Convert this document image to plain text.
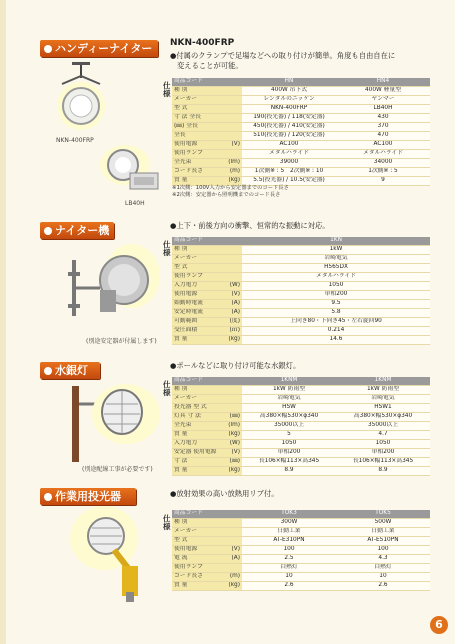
ハンディーナイター
NKN-400FRP
LB40H
NKN-400FRP
●付属のクランプで足場などへの取り付けが簡単。角度も自由自在に
変えることが可能。
仕様
商品コード		HN	HN4
種 別		400W 吊下式	400W 軽量型
メーカー		レンタルのニッケン	ヤンマー
型 式		NKN-400FRP	LB40H
寸 法 全長		190(投光器) / 118(安定器)	430
(㎜) 全長		450(投光器) / 410(安定器)	370
全長		510(投光器) / 120(安定器)	470
使用電源	(V)	AC100	AC100
使用ランプ		メタルハライド	メタルハライド
全光束	(lm)	39000	34000
コード長さ	(m)	1次側※ : 5　2次側※ : 10	1次側※ : 5
質 量	(kg)	5.5(投光器) / 10.5(安定器)	9
※1次側：100V入力から安定器までのコード長さ
※2次側：安定器から照明機までのコード長さ
ナイター機
(別途安定器が付属します)
●上下・前後方向の衝撃、恒常的な振動に対応。
仕様
商品コード		1KN
種 別		1kW
メーカー		岩崎電気
型 式		H565DX
使用ランプ		メタルハライド
入力電力	(W)	1050
使用電源	(V)	単相200
始動時電流	(A)	9.5
安定時電流	(A)	5.8
可動範囲	(度)	上向き80・下向き45・左右旋回90
受圧面積	(㎡)	0.214
質 量	(kg)	14.6
水銀灯
(別途配線工事が必要です)
●ポールなどに取り付け可能な水銀灯。
仕様
商品コード		1KNM	1KNM
種 別		1kW 防雨型	1kW 防雨型
メーカー		岩崎電気	岩崎電気
投光器 型 式		HSW	HSW1
灯具 寸 法	(㎜)	高380×幅530×φ340	高380×幅530×φ340
全光束	(lm)	35000以上	35000以上
質 量	(kg)	5	4.7
入力電力	(W)	1050	1050
安定器 使用電源	(V)	単相200	単相200
寸 法	(㎜)	長106×幅113×高345	長106×幅113×高345
質 量	(kg)	8.9	8.9
作業用投光器	●放射効果の高い放熱用リブ付。
仕様
商品コード		TOK3	TOK5
種 別		300W	500W
メーカー		日動工業	日動工業
型 式		AT-E310PN	AT-E510PN
使用電源	(V)	100	100
電 流	(A)	2.5	4.3
使用ランプ		白熱灯	白熱灯
コード長さ	(m)	10	10
質 量	(kg)	2.6	2.6
6
